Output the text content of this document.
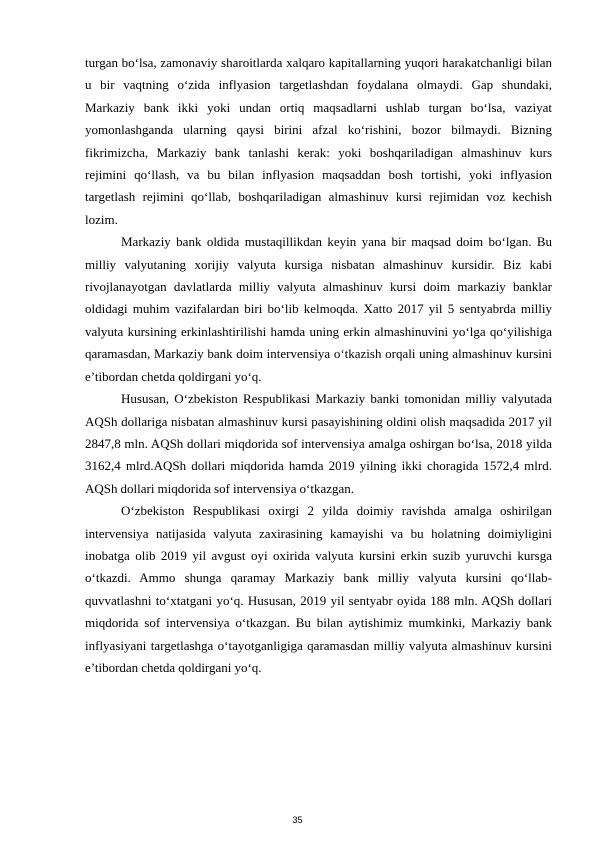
turgan bo‘lsa, zamonaviy sharoitlarda xalqaro kapitallarning yuqori harakatchanligi bilan u bir vaqtning o‘zida inflyasion targetlashdan foydalana olmaydi. Gap shundaki, Markaziy bank ikki yoki undan ortiq maqsadlarni ushlab turgan bo‘lsa, vaziyat yomonlashganda ularning qaysi birini afzal ko‘rishini, bozor bilmaydi. Bizning fikrimizcha, Markaziy bank tanlashi kerak: yoki boshqariladigan almashinuv kurs rejimini qo‘llash, va bu bilan inflyasion maqsaddan bosh tortishi, yoki inflyasion targetlash rejimini qo‘llab, boshqariladigan almashinuv kursi rejimidan voz kechish lozim.

Markaziy bank oldida mustaqillikdan keyin yana bir maqsad doim bo‘lgan. Bu milliy valyutaning xorijiy valyuta kursiga nisbatan almashinuv kursidir. Biz kabi rivojlanayotgan davlatlarda milliy valyuta almashinuv kursi doim markaziy banklar oldidagi muhim vazifalardan biri bo‘lib kelmoqda. Xatto 2017 yil 5 sentyabrda milliy valyuta kursining erkinlashtirilishi hamda uning erkin almashinuvini yo‘lga qo‘yilishiga qaramasdan, Markaziy bank doim intervensiya o‘tkazish orqali uning almashinuv kursini e’tibordan chetda qoldirgani yo‘q.

Hususan, O‘zbekiston Respublikasi Markaziy banki tomonidan milliy valyutada AQSh dollariga nisbatan almashinuv kursi pasayishining oldini olish maqsadida 2017 yil 2847,8 mln. AQSh dollari miqdorida sof intervensiya amalga oshirgan bo‘lsa, 2018 yilda 3162,4 mlrd.AQSh dollari miqdorida hamda 2019 yilning ikki choragida 1572,4 mlrd. AQSh dollari miqdorida sof intervensiya o‘tkazgan.

O‘zbekiston Respublikasi oxirgi 2 yilda doimiy ravishda amalga oshirilgan intervensiya natijasida valyuta zaxirasining kamayishi va bu holatning doimiyligini inobatga olib 2019 yil avgust oyi oxirida valyuta kursini erkin suzib yuruvchi kursga o‘tkazdi. Ammo shunga qaramay Markaziy bank milliy valyuta kursini qo‘llab-quvvatlashni to‘xtatgani yo‘q. Hususan, 2019 yil sentyabr oyida 188 mln. AQSh dollari miqdorida sof intervensiya o‘tkazgan. Bu bilan aytishimiz mumkinki, Markaziy bank inflyasiyani targetlashga o‘tayotganligiga qaramasdan milliy valyuta almashinuv kursini e’tibordan chetda qoldirgani yo‘q.

35
